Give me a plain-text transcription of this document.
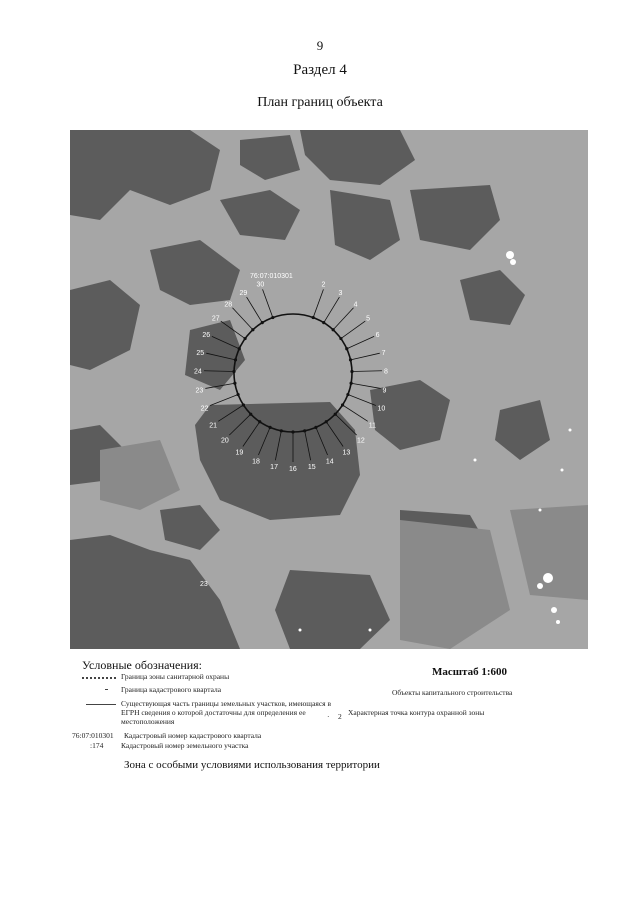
9
Раздел 4
План границ объекта
2
3
4
5
6
7
8
9
10
11
12
13
14
15
16
17
18
19
20
21
22
23
24
25
26
27
28
29
30
76:07:010301
23
Условные обозначения:
Граница зоны санитарной охраны
Граница кадастрового квартала
Существующая часть границы земельных участков, имеющаяся в ЕГРН сведения о которой достаточны для определения ее местоположения
76:07:010301 Кадастровый номер кадастрового квартала
:174 Кадастровый номер земельного участка
Масштаб 1:600
Объекты капитального строительства
· 2 Характерная точка контура охранной зоны
Зона с особыми условиями использования территории
